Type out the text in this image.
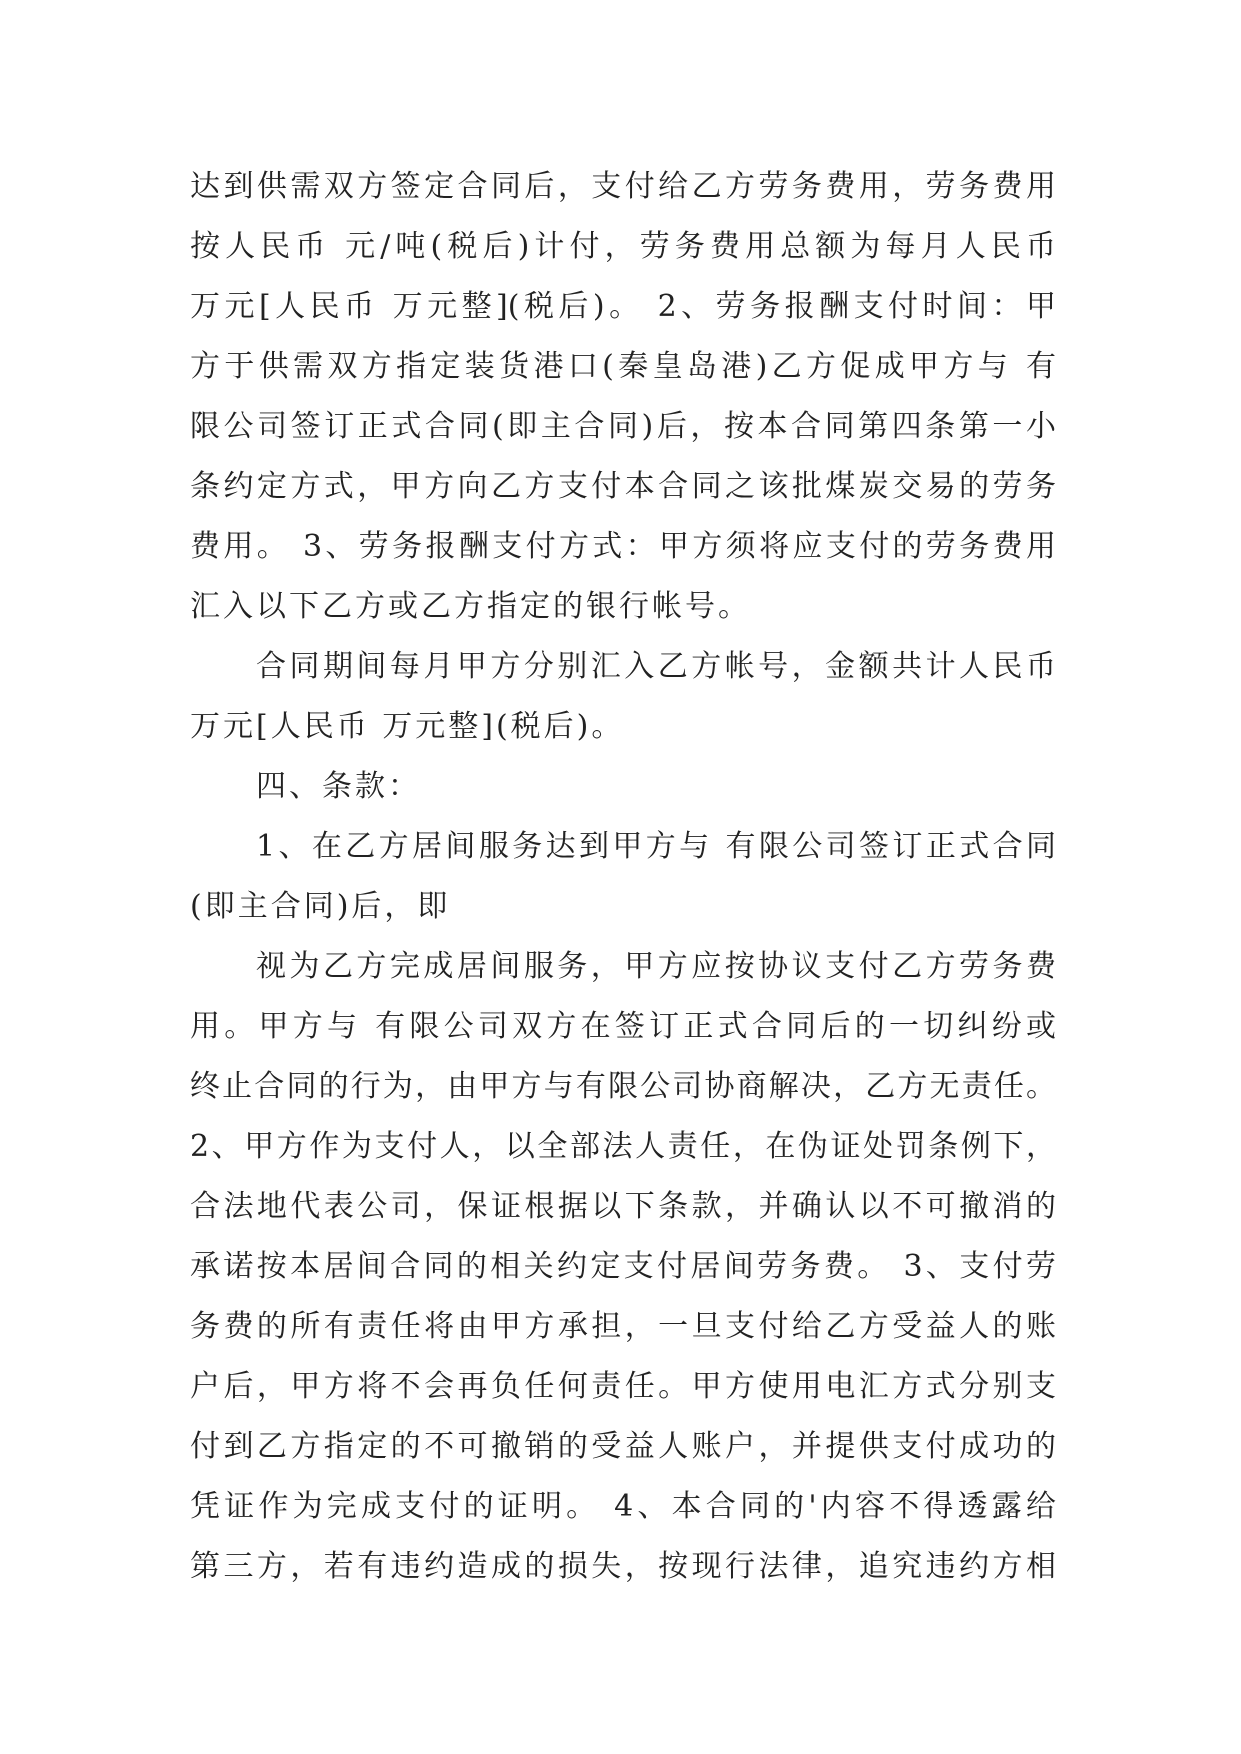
达到供需双方签定合同后，支付给乙方劳务费用，劳务费用
按人民币 元/吨(税后)计付，劳务费用总额为每月人民币
万元[人民币 万元整](税后)。 2、劳务报酬支付时间：甲
方于供需双方指定装货港口(秦皇岛港)乙方促成甲方与 有
限公司签订正式合同(即主合同)后，按本合同第四条第一小
条约定方式，甲方向乙方支付本合同之该批煤炭交易的劳务
费用。 3、劳务报酬支付方式：甲方须将应支付的劳务费用
汇入以下乙方或乙方指定的银行帐号。
合同期间每月甲方分别汇入乙方帐号，金额共计人民币
万元[人民币 万元整](税后)。
四、条款：
1、在乙方居间服务达到甲方与 有限公司签订正式合同
(即主合同)后，即
视为乙方完成居间服务，甲方应按协议支付乙方劳务费
用。甲方与 有限公司双方在签订正式合同后的一切纠纷或
终止合同的行为，由甲方与有限公司协商解决，乙方无责任。
2、甲方作为支付人，以全部法人责任，在伪证处罚条例下，
合法地代表公司，保证根据以下条款，并确认以不可撤消的
承诺按本居间合同的相关约定支付居间劳务费。 3、支付劳
务费的所有责任将由甲方承担，一旦支付给乙方受益人的账
户后，甲方将不会再负任何责任。甲方使用电汇方式分别支
付到乙方指定的不可撤销的受益人账户，并提供支付成功的
凭证作为完成支付的证明。 4、本合同的'内容不得透露给
第三方，若有违约造成的损失，按现行法律，追究违约方相
